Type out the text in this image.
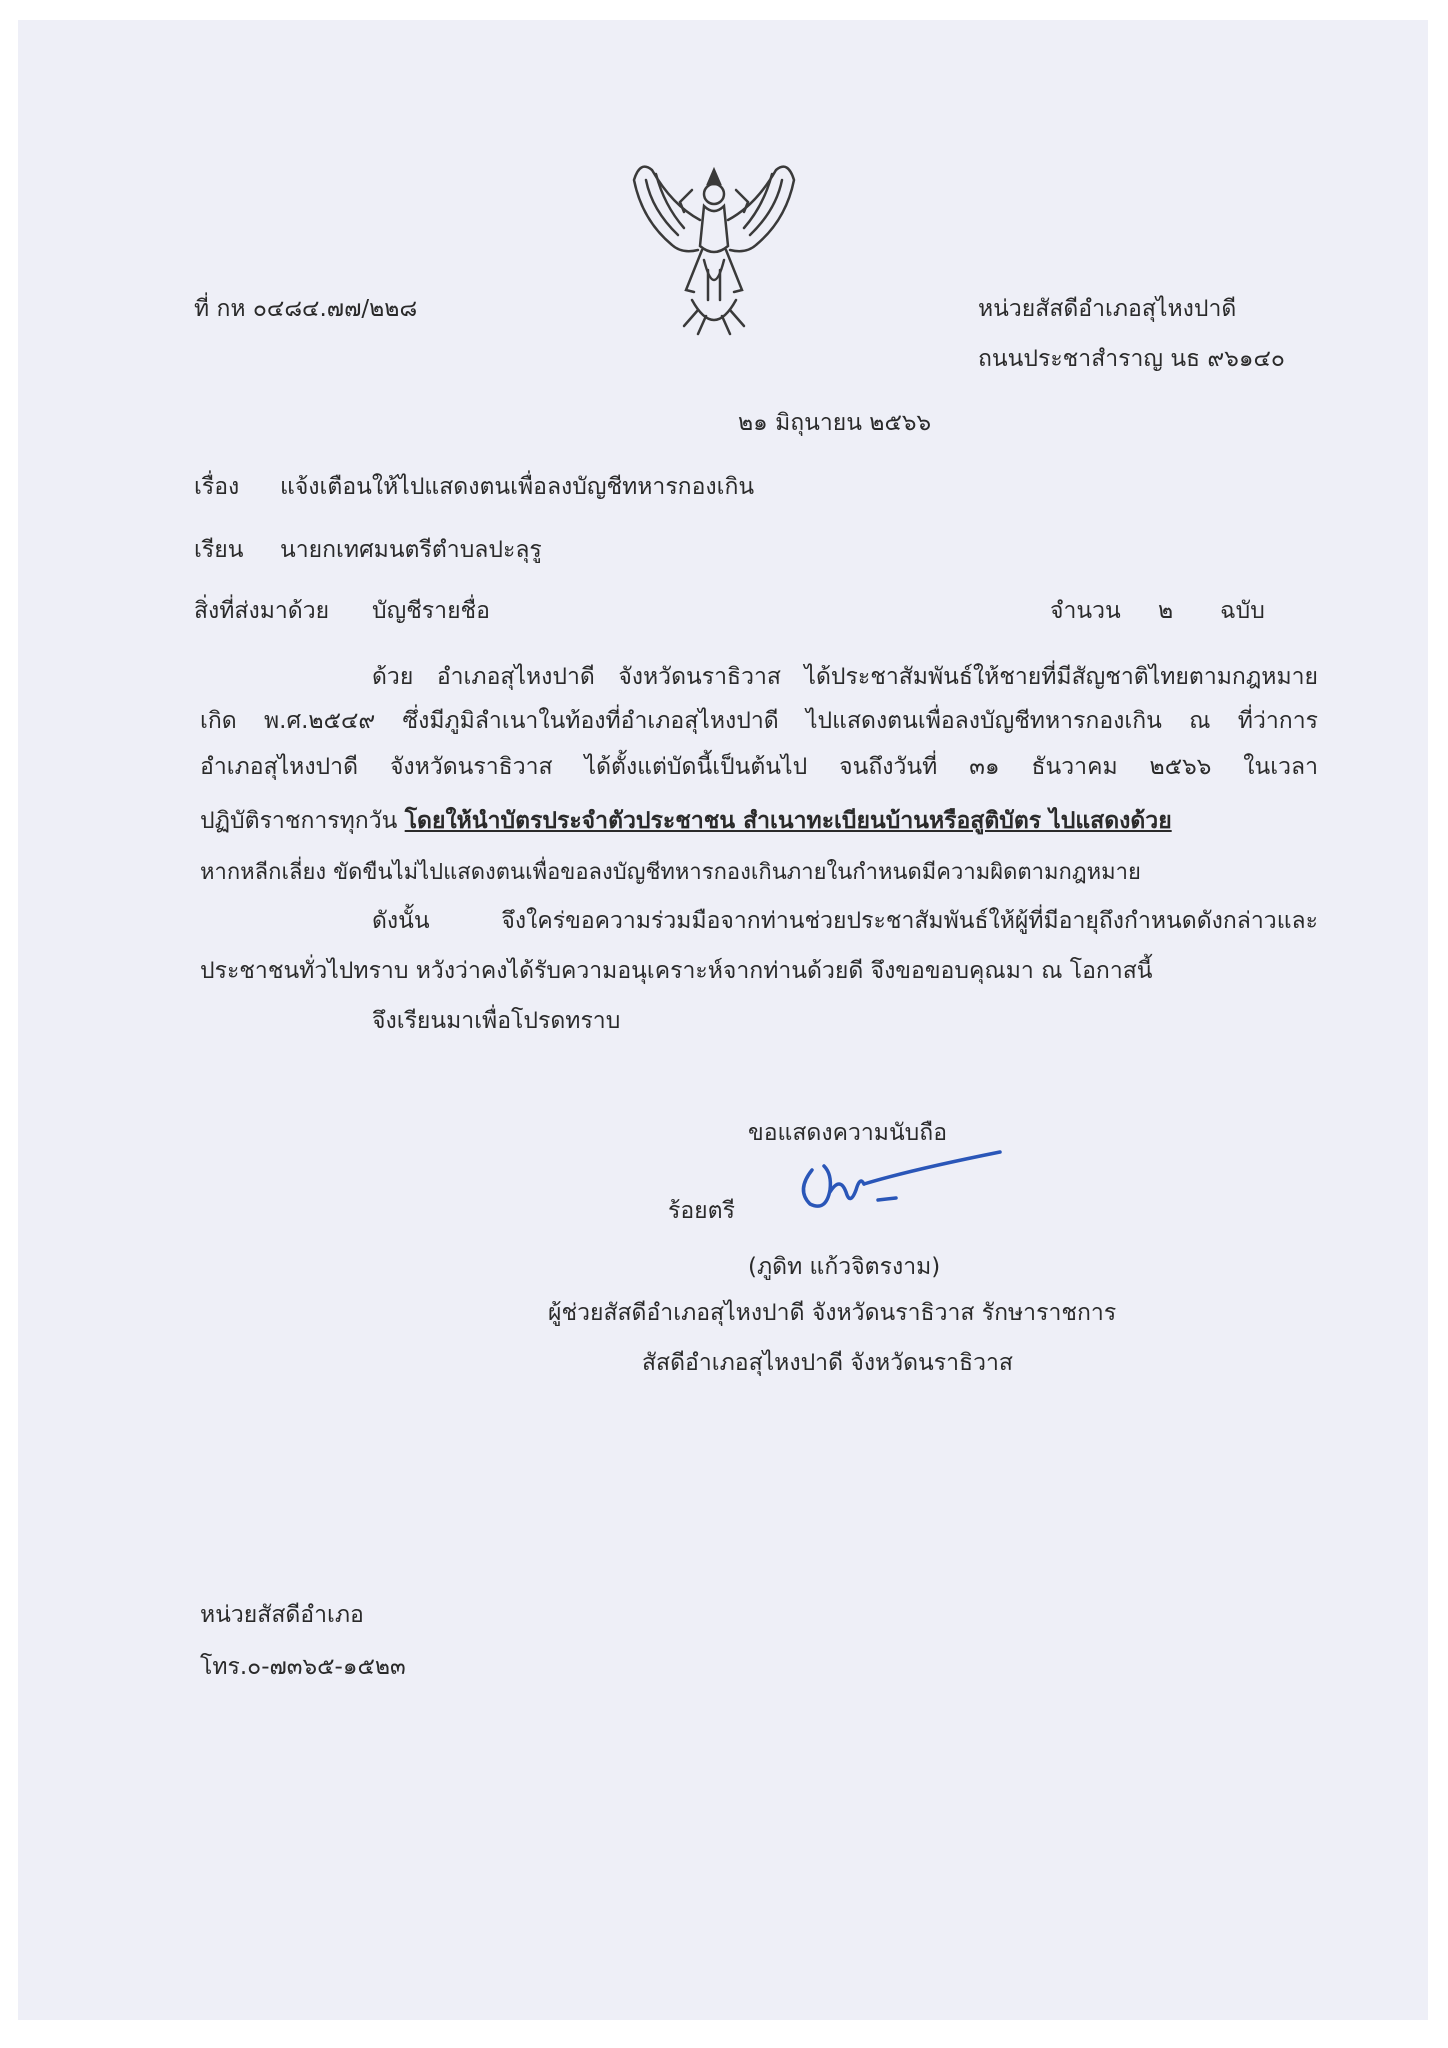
ที่ กห ๐๔๘๔.๗๗/๒๒๘	หน่วยสัสดีอำเภอสุไหงปาดี
ถนนประชาสำราญ นธ ๙๖๑๔๐
๒๑ มิถุนายน ๒๕๖๖
เรื่อง แจ้งเตือนให้ไปแสดงตนเพื่อลงบัญชีทหารกองเกิน
เรียน นายกเทศมนตรีตำบลปะลุรู
สิ่งที่ส่งมาด้วย บัญชีรายชื่อ	จำนวน ๒ ฉบับ
ด้วย อำเภอสุไหงปาดี จังหวัดนราธิวาส ได้ประชาสัมพันธ์ให้ชายที่มีสัญชาติไทยตามกฎหมาย
เกิด พ.ศ.๒๕๔๙ ซึ่งมีภูมิลำเนาในท้องที่อำเภอสุไหงปาดี ไปแสดงตนเพื่อลงบัญชีทหารกองเกิน ณ ที่ว่าการ
อำเภอสุไหงปาดี จังหวัดนราธิวาส ได้ตั้งแต่บัดนี้เป็นต้นไป จนถึงวันที่ ๓๑ ธันวาคม ๒๕๖๖ ในเวลา
ปฏิบัติราชการทุกวัน โดยให้นำบัตรประจำตัวประชาชน สำเนาทะเบียนบ้านหรือสูติบัตร ไปแสดงด้วย
หากหลีกเลี่ยง ขัดขืนไม่ไปแสดงตนเพื่อขอลงบัญชีทหารกองเกินภายในกำหนดมีความผิดตามกฎหมาย
ดังนั้น จึงใคร่ขอความร่วมมือจากท่านช่วยประชาสัมพันธ์ให้ผู้ที่มีอายุถึงกำหนดดังกล่าวและ
ประชาชนทั่วไปทราบ หวังว่าคงได้รับความอนุเคราะห์จากท่านด้วยดี จึงขอขอบคุณมา ณ โอกาสนี้
จึงเรียนมาเพื่อโปรดทราบ
ขอแสดงความนับถือ
ร้อยตรี
(ภูดิท แก้วจิตรงาม)
ผู้ช่วยสัสดีอำเภอสุไหงปาดี จังหวัดนราธิวาส รักษาราชการ
สัสดีอำเภอสุไหงปาดี จังหวัดนราธิวาส
หน่วยสัสดีอำเภอ
โทร.๐-๗๓๖๕-๑๕๒๓
